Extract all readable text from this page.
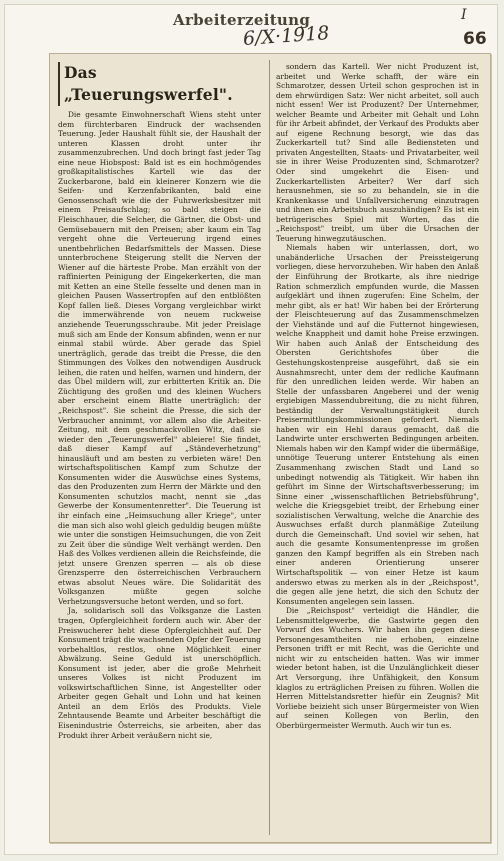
Arbeiterzeitung	I
6/X·1918	66
Das „Teuerungswerfel".

Die gesamte Einwohnerschaft Wiens steht unter dem fürchterbaren Eindruck der wachsenden Teuerung. Jeder Haushalt fühlt sie, der Haushalt der unteren Klassen droht unter ihr zusammenzubrechen. Und doch bringt fast jeder Tag eine neue Hiobspost: Bald ist es ein hochmögendes großkapitalistisches Kartell wie das der Zuckerbarone, bald ein kleinerer Konzern wie die Seifen- und Kerzenfabrikanten, bald eine Genossenschaft wie die der Fuhrwerksbesitzer mit einem Preisaufschlag; so bald steigen die Fleischhauer, die Selcher, die Gärtner, die Obst- und Gemüsebauern mit den Preisen; aber kaum ein Tag vergeht ohne die Verteuerung irgend eines unentbehrlichen Bedarfsmittels der Massen. Diese unnterbrochene Steigerung stellt die Nerven der Wiener auf die härteste Probe. Man erzählt von der raffinierten Peinigung der Eingekerkerten, die man mit Ketten an eine Stelle fesselte und denen man in gleichen Pausen Wassertropfen auf den entblößten Kopf fallen ließ. Dieses Vorgang vergleichbar wirkt die immerwährende von neuem ruckweise anziehende Teuerungsschraube. Mit jeder Preislage muß sich am Ende der Konsum abfinden, wenn er nur einmal stabil würde. Aber gerade das Spiel unerträglich, gerade das treibt die Presse, die den Stimmungen des Volkes den notwendigen Ausdruck leihen, die raten und helfen, warnen und hindern, der das Übel mildern will, zur erbitterten Kritik an. Die Züchtigung des großen und des kleinen Wuchers aber erscheint einem Blatte unerträglich: der „Reichspost". Sie scheint die Presse, die sich der Verbraucher annimmt, vor allem also die Arbeiter-Zeitung, mit dem geschmackvollen Witz, daß sie wieder den „Teuerungswerfel" ableiere! Sie findet, daß dieser Kampf auf „Ständeverhetzung" hinausläuft und am besten zu verbieten wäre! Den wirtschaftspolitischen Kampf zum Schutze der Konsumenten wider die Auswüchse eines Systems, das den Produzenten zum Herrn der Märkte und den Konsumenten schutzlos macht, nennt sie „das Gewerbe der Konsumentenretter". Die Teuerung ist ihr einfach eine „Heimsuchung aller Kriege", unter die man sich also wohl gleich geduldig beugen müßte wie unter die sonstigen Heimsuchungen, die von Zeit zu Zeit über die sündige Welt verhängt werden. Den Haß des Volkes verdienen allein die Reichsfeinde, die jetzt unsere Grenzen sperren — als ob diese Grenzsperre den österreichischen Verbrauchern etwas absolut Neues wäre. Die Solidarität des Volksganzen müßte gegen solche Verhetzungsversuche betont werden, und so fort.

Ja, solidarisch soll das Volksganze die Lasten tragen, Opfergleichheit fordern auch wir. Aber der Preiswucherer hebt diese Opfergleichheit auf. Der Konsument trägt die wachsenden Opfer der Teuerung vorbehaltlos, restlos, ohne Möglichkeit einer Abwälzung. Seine Geduld ist unerschöpflich. Konsument ist jeder, aber die große Mehrheit unseres Volkes ist nicht Produzent im volkswirtschaftlichen Sinne, ist Angestellter oder Arbeiter gegen Gehalt und Lohn und hat keinen Anteil an dem Erlös des Produkts. Viele Zehntausende Beamte und Arbeiter beschäftigt die Eisenindustrie Österreichs, sie arbeiten, aber das Produkt ihrer Arbeit veräußern nicht sie,

sondern das Kartell. Wer nicht Produzent ist, arbeitet und Werke schafft, der wäre ein Schmarotzer, dessen Urteil schon gesprochen ist in dem ehrwürdigen Satz: Wer nicht arbeitet, soll auch nicht essen! Wer ist Produzent? Der Unternehmer, welcher Beamte und Arbeiter mit Gehalt und Lohn für ihr Arbeit abfindet, der Verkauf des Produkts aber auf eigene Rechnung besorgt, wie das das Zuckerkartell tut? Sind alle Bediensteten und privaten Angestellten, Staats- und Privatarbeiter, weil sie in ihrer Weise Produzenten sind, Schmarotzer? Oder sind umgekehrt die Eisen- und Zuckerkartellisten Arbeiter? Wer darf sich herausnehmen, sie so zu behandeln, sie in die Krankenkasse und Unfallversicherung einzutragen und ihnen ein Arbeitsbuch auszuhändigen? Es ist ein betrügerisches Spiel mit Worten, das die „Reichspost" treibt, um über die Ursachen der Teuerung hinwegzutäuschen.

Niemals haben wir unterlassen, dort, wo unabänderliche Ursachen der Preissteigerung vorliegen, diese hervorzuheben. Wir haben den Anlaß der Einführung der Brotkarte, als ihre niedrige Ration schmerzlich empfunden wurde, die Massen aufgeklärt und ihnen zugerufen: Eine Schelm, der mehr gibt, als er hat! Wir haben bei der Erörterung der Fleischteuerung auf das Zusammenschmelzen der Viehstände und auf die Futternot hingewiesen, welche Knappheit und damit hohe Preise erzwingen. Wir haben auch Anlaß der Entscheidung des Obersten Gerichtshofes über die Gestehungskostenpreise ausgeführt, daß sie ein Ausnahmsrecht, unter dem der redliche Kaufmann für den unredlichen leiden werde. Wir haben an Stelle der unfassbaren Angeberei und der wenig ergiebigen Massendubreitung, die zu nicht führen, beständig der Verwaltungstätigkeit durch Preisermittlungskommissionen gefordert. Niemals haben wir ein Hehl daraus gemacht, daß die Landwirte unter erschwerten Bedingungen arbeiten. Niemals haben wir den Kampf wider die übermäßige, unnötige Teuerung unterer Entstehung als einen Zusammenhang zwischen Stadt und Land so unbedingt notwendig als Tätigkeit. Wir haben ihn geführt im Sinne der Wirtschaftsverbesserung; im Sinne einer „wissenschaftlichen Betriebsführung", welche die Kriegsgebiet treibt, der Erhebung einer sozialistischen Verwaltung, welche die Anarchie des Auswuchses erfaßt durch planmäßige Zuteilung durch die Gemeinschaft. Und soviel wir sehen, hat auch die gesamte Konsumentenpresse im großen ganzen den Kampf begriffen als ein Streben nach einer anderen Orientierung unserer Wirtschaftspolitik — von einer Hetze ist kaum anderswo etwas zu merken als in der „Reichspost", die gegen alle jene hetzt, die sich den Schutz der Konsumenten angelegen sein lassen.

Die „Reichspost" verteidigt die Händler, die Lebensmittelgewerbe, die Gastwirte gegen den Vorwurf des Wuchers. Wir haben ihn gegen diese Personengesamtheiten nie erhoben, einzelne Personen trifft er mit Recht, was die Gerichte und nicht wir zu entscheiden hatten. Was wir immer wieder betont haben, ist die Unzulänglichkeit dieser Art Versorgung, ihre Unfähigkeit, den Konsum klaglos zu erträglichen Preisen zu führen. Wollen die Herren Mittelstandsretter hiefür ein Zeugnis? Mit Vorliebe beizieht sich unser Bürgermeister von Wien auf seinen Kollegen von Berlin, den Oberbürgermeister Wermuth. Auch wir tun es.
